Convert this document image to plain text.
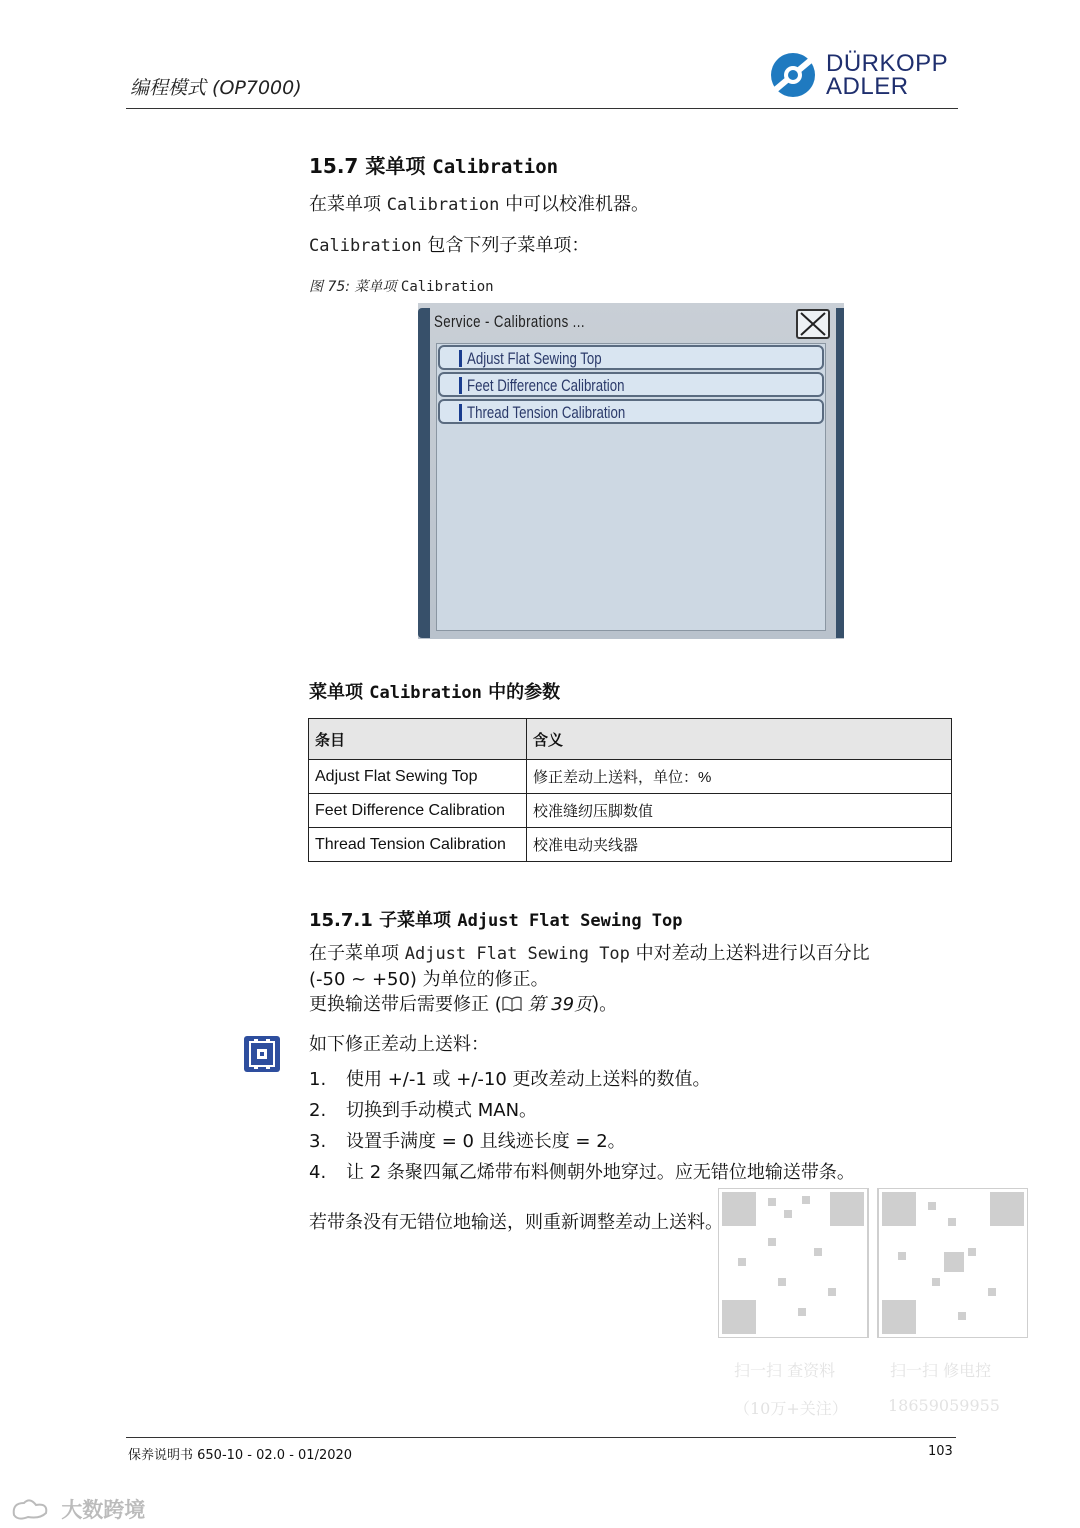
编程模式 (OP7000)
DÜRKOPP
ADLER
15.7 菜单项 Calibration
在菜单项 Calibration 中可以校准机器。
Calibration 包含下列子菜单项：
图 75: 菜单项 Calibration
Service - Calibrations ...
Adjust Flat Sewing Top
Feet Difference Calibration
Thread Tension Calibration
菜单项 Calibration 中的参数
条目	含义
Adjust Flat Sewing Top	修正差动上送料，单位：%
Feet Difference Calibration	校准缝纫压脚数值
Thread Tension Calibration	校准电动夹线器
15.7.1 子菜单项 Adjust Flat Sewing Top
在子菜单项 Adjust Flat Sewing Top 中对差动上送料进行以百分比
(-50 ~ +50) 为单位的修正。
更换输送带后需要修正 ( 第 39页)。
如下修正差动上送料：
1. 使用 +/-1 或 +/-10 更改差动上送料的数值。
2. 切换到手动模式 MAN。
3. 设置手满度 = 0 且线迹长度 = 2。
4. 让 2 条聚四氟乙烯带布料侧朝外地穿过。应无错位地输送带条。
若带条没有无错位地输送，则重新调整差动上送料。
扫一扫 查资料	扫一扫 修电控
（10万+关注）	18659059955
保养说明书 650-10 - 02.0 - 01/2020	103
大数跨境
